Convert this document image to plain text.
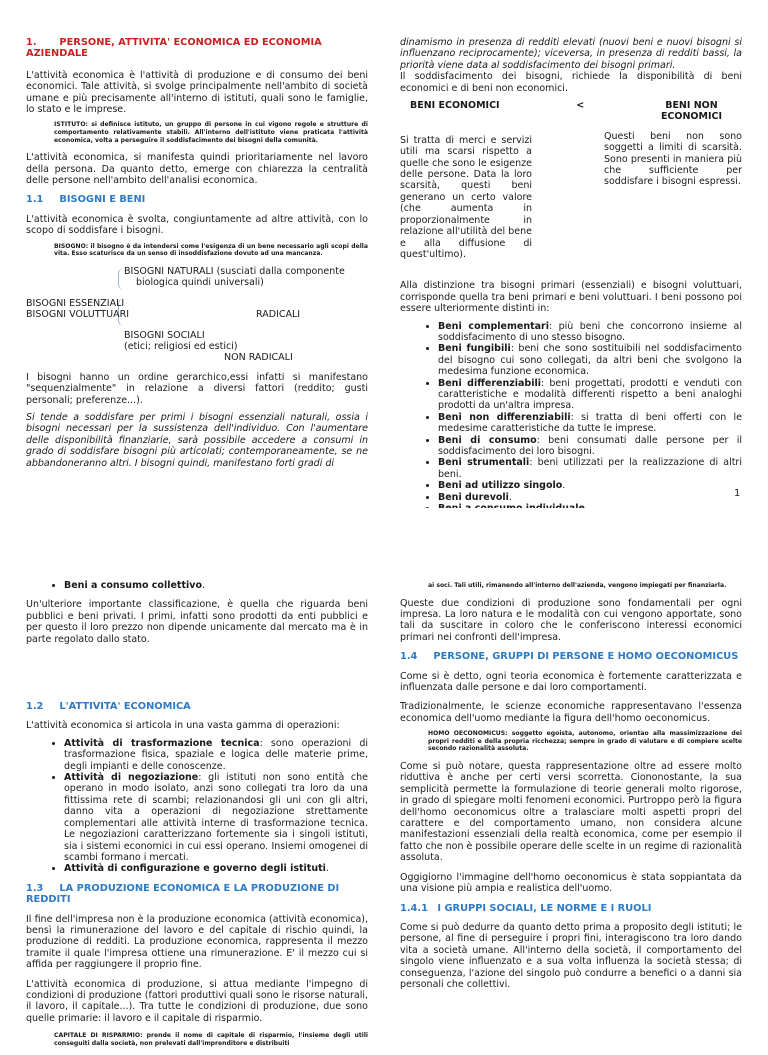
1. PERSONE, ATTIVITA' ECONOMICA ED ECONOMIA AZIENDALE

L'attività economica è l'attività di produzione e di consumo dei beni economici. Tale attività, si svolge principalmente nell'ambito di società umane e più precisamente all'interno di istituti, quali sono le famiglie, lo stato e le imprese.

ISTITUTO: si definisce istituto, un gruppo di persone in cui vigono regole e strutture di comportamento relativamente stabili. All'interno dell'istituto viene praticata l'attività economica, volta a perseguire il soddisfacimento dei bisogni della comunità.

L'attività economica, si manifesta quindi prioritariamente nel lavoro della persona. Da quanto detto, emerge con chiarezza la centralità delle persone nell'ambito dell'analisi economica.

1.1 BISOGNI E BENI

L'attività economica è svolta, congiuntamente ad altre attività, con lo scopo di soddisfare i bisogni.

BISOGNO: il bisogno è da intendersi come l'esigenza di un bene necessario agli scopi della vita. Esso scaturisce da un senso di insoddisfazione dovuto ad una mancanza.
BISOGNI NATURALI (susciati dalla componente
biologica quindi universali)
BISOGNI ESSENZIALI
BISOGNI VOLUTTUARI	RADICALI
BISOGNI SOCIALI
(etici; religiosi ed estici)
NON RADICALI

I bisogni hanno un ordine gerarchico,essi infatti si manifestano "sequenzialmente" in relazione a diversi fattori (reddito; gusti personali; preferenze...).

Si tende a soddisfare per primi i bisogni essenziali naturali, ossia i bisogni necessari per la sussistenza dell'individuo. Con l'aumentare delle disponibilità finanziarie, sarà possibile accedere a consumi in grado di soddisfare bisogni più articolati; contemporaneamente, se ne abbandoneranno altri. I bisogni quindi, manifestano forti gradi di

dinamismo in presenza di redditi elevati (nuovi beni e nuovi bisogni si influenzano reciprocamente); viceversa, in presenza di redditi bassi, la priorità viene data al soddisfacimento dei bisogni primari.

Il soddisfacimento dei bisogni, richiede la disponibilità di beni economici e di beni non economici.

BENI ECONOMICI	<	BENI NON
ECONOMICI

Si tratta di merci e servizi utili ma scarsi rispetto a quelle che sono le esigenze delle persone. Data la loro scarsità, questi beni generano un certo valore (che aumenta in proporzionalmente in relazione all'utilità del bene e alla diffusione di quest'ultimo).

Questi beni non sono soggetti a limiti di scarsità. Sono presenti in maniera più che sufficiente per soddisfare i bisogni espressi.

Alla distinzione tra bisogni primari (essenziali) e bisogni voluttuari, corrisponde quella tra beni primari e beni voluttuari. I beni possono poi essere ulteriormente distinti in:

• Beni complementari: più beni che concorrono insieme al soddisfacimento di uno stesso bisogno.
• Beni fungibili: beni che sono sostituibili nel soddisfacimento del bisogno cui sono collegati, da altri beni che svolgono la medesima funzione economica.
• Beni differenziabili: beni progettati, prodotti e venduti con caratteristiche e modalità differenti rispetto a beni analoghi prodotti da un'altra impresa.
• Beni non differenziabili: si tratta di beni offerti con le medesime caratteristiche da tutte le imprese.
• Beni di consumo: beni consumati dalle persone per il soddisfacimento dei loro bisogni.
• Beni strumentali: beni utilizzati per la realizzazione di altri beni.
• Beni ad utilizzo singolo.
• Beni durevoli.
•	1
• Beni a consumo collettivo.

Un'ulteriore importante classificazione, è quella che riguarda beni pubblici e beni privati. I primi, infatti sono prodotti da enti pubblici e per questo il loro prezzo non dipende unicamente dal mercato ma è in parte regolato dallo stato.

1.2 L'ATTIVITA' ECONOMICA

L'attività economica si articola in una vasta gamma di operazioni:

• Attività di trasformazione tecnica: sono operazioni di trasformazione fisica, spaziale e logica delle materie prime, degli impianti e delle conoscenze.
• Attività di negoziazione: gli istituti non sono entità che operano in modo isolato, anzi sono collegati tra loro da una fittissima rete di scambi; relazionandosi gli uni con gli altri, danno vita a operazioni di negoziazione strettamente complementari alle attività interne di trasformazione tecnica. Le negoziazioni caratterizzano fortemente sia i singoli istituti, sia i sistemi economici in cui essi operano. Insiemi omogenei di scambi formano i mercati.
• Attività di configurazione e governo degli istituti.
1.3 LA PRODUZIONE ECONOMICA E LA PRODUZIONE DI REDDITI

Il fine dell'impresa non è la produzione economica (attività economica), bensì la rimunerazione del lavoro e del capitale di rischio quindi, la produzione di redditi. La produzione economica, rappresenta il mezzo tramite il quale l'impresa ottiene una rimunerazione. E' il mezzo cui si affida per raggiungere il proprio fine.

L'attività economica di produzione, si attua mediante l'impegno di condizioni di produzione (fattori produttivi quali sono le risorse naturali, il lavoro, il capitale...). Tra tutte le condizioni di produzione, due sono quelle primarie: il lavoro e il capitale di risparmio.

CAPITALE DI RISPARMIO: prende il nome di capitale di risparmio, l'insieme degli utili conseguiti dalla società, non prelevati dall'imprenditore e distribuiti
ai soci. Tali utili, rimanendo all'interno dell'azienda, vengono impiegati per finanziarla.

Queste due condizioni di produzione sono fondamentali per ogni impresa. La loro natura e le modalità con cui vengono apportate, sono tali da suscitare in coloro che le conferiscono interessi economici primari nei confronti dell'impresa.

1.4 PERSONE, GRUPPI DI PERSONE E HOMO OECONOMICUS

Come si è detto, ogni teoria economica è fortemente caratterizzata e influenzata dalle persone e dai loro comportamenti.

Tradizionalmente, le scienze economiche rappresentavano l'essenza economica dell'uomo mediante la figura dell'homo oeconomicus.

HOMO OECONOMICUS: soggetto egoista, autonomo, orientao alla massimizzazione dei propri redditi e della propria ricchezza; sempre in grado di valutare e di compiere scelte secondo razionalità assoluta.

Come si può notare, questa rappresentazione oltre ad essere molto riduttiva è anche per certi versi scorretta. Ciononostante, la sua semplicità permette la formulazione di teorie generali molto rigorose, in grado di spiegare molti fenomeni economici. Purtroppo però la figura dell'homo oeconomicus oltre a tralasciare molti aspetti propri del carattere e del comportamento umano, non considera alcune manifestazioni essenziali della realtà economica, come per esempio il fatto che non è possibile operare delle scelte in un regime di razionalità assoluta.

Oggigiorno l'immagine dell'homo oeconomicus è stata soppiantata da una visione più ampia e realistica dell'uomo.

1.4.1 I GRUPPI SOCIALI, LE NORME E I RUOLI

Come si può dedurre da quanto detto prima a proposito degli istituti; le persone, al fine di perseguire i propri fini, interagiscono tra loro dando vita a società umane. All'interno della società, il comportamento del singolo viene influenzato e a sua volta influenza la società stessa; di conseguenza, l'azione del singolo può condurre a benefici o a danni sia personali che collettivi.
